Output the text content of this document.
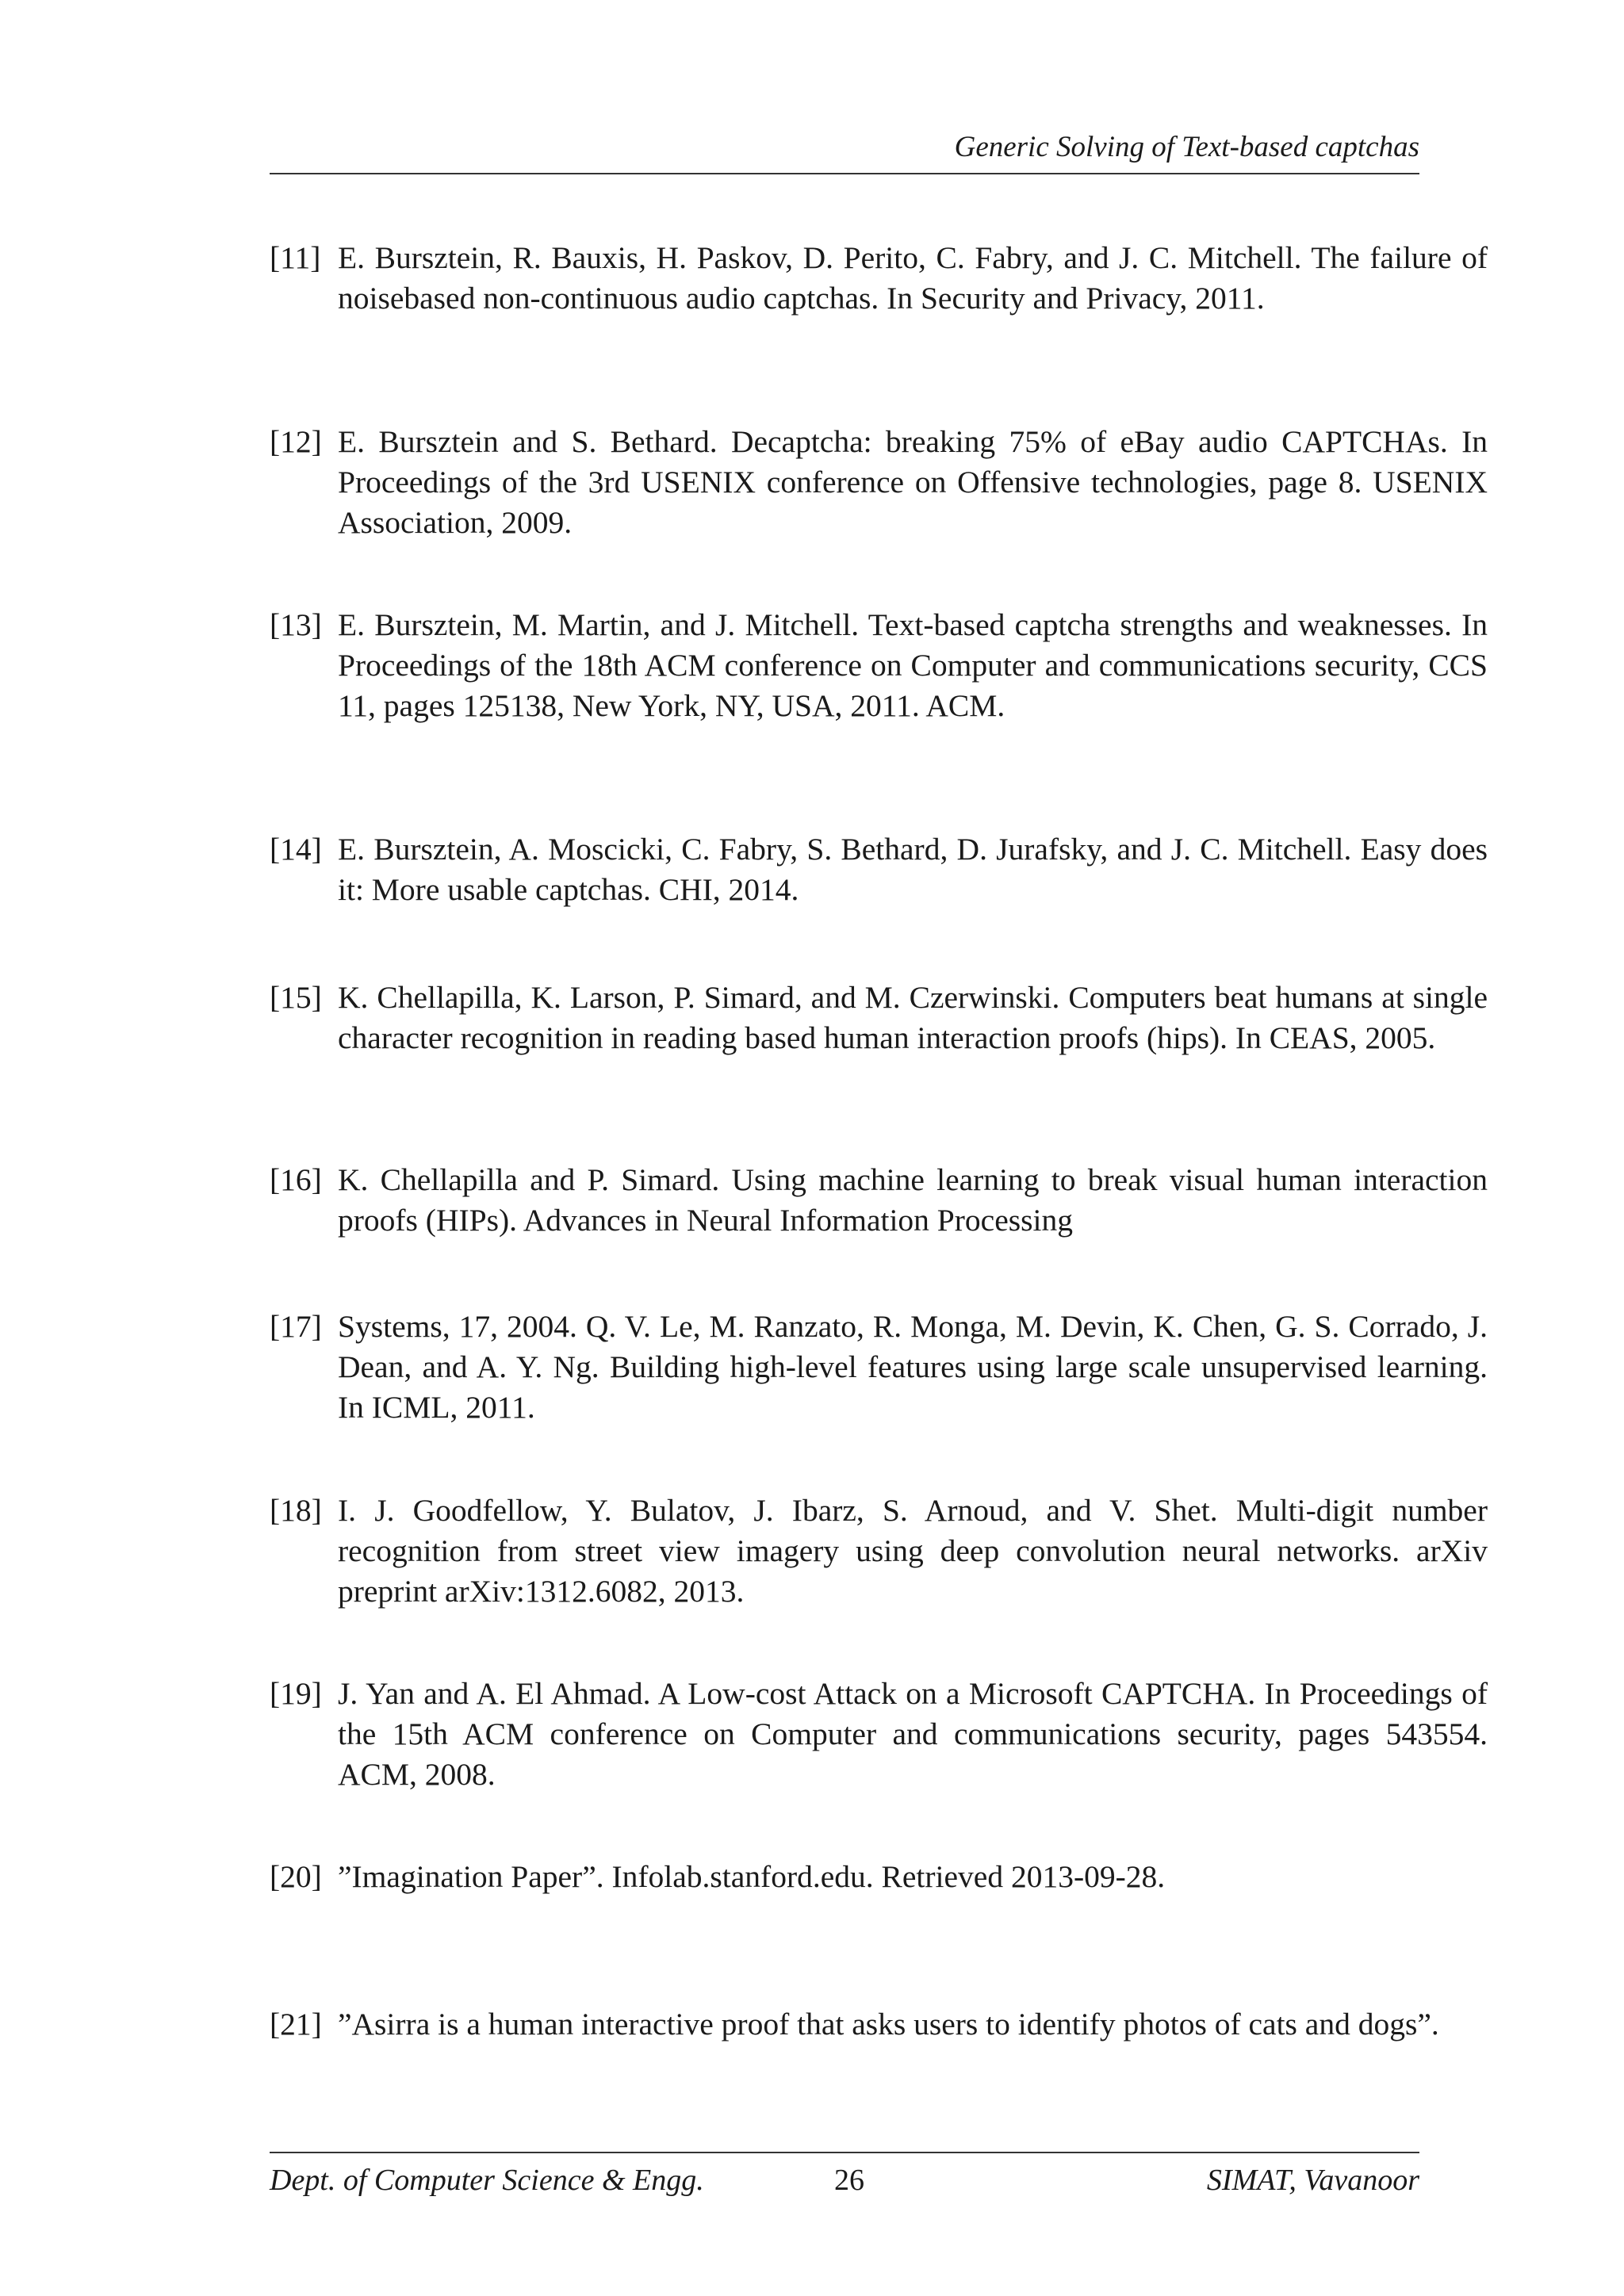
Generic Solving of Text-based captchas
[11] E. Bursztein, R. Bauxis, H. Paskov, D. Perito, C. Fabry, and J. C. Mitchell. The failure of noisebased non-continuous audio captchas. In Security and Privacy, 2011.
[12] E. Bursztein and S. Bethard. Decaptcha: breaking 75% of eBay audio CAPTCHAs. In Proceedings of the 3rd USENIX conference on Offensive technologies, page 8. USENIX Association, 2009.
[13] E. Bursztein, M. Martin, and J. Mitchell. Text-based captcha strengths and weaknesses. In Proceedings of the 18th ACM conference on Computer and communications security, CCS 11, pages 125138, New York, NY, USA, 2011. ACM.
[14] E. Bursztein, A. Moscicki, C. Fabry, S. Bethard, D. Jurafsky, and J. C. Mitchell. Easy does it: More usable captchas. CHI, 2014.
[15] K. Chellapilla, K. Larson, P. Simard, and M. Czerwinski. Computers beat humans at single character recognition in reading based human interaction proofs (hips). In CEAS, 2005.
[16] K. Chellapilla and P. Simard. Using machine learning to break visual human interaction proofs (HIPs). Advances in Neural Information Processing
[17] Systems, 17, 2004. Q. V. Le, M. Ranzato, R. Monga, M. Devin, K. Chen, G. S. Corrado, J. Dean, and A. Y. Ng. Building high-level features using large scale unsupervised learning. In ICML, 2011.
[18] I. J. Goodfellow, Y. Bulatov, J. Ibarz, S. Arnoud, and V. Shet. Multi-digit number recognition from street view imagery using deep convolution neural networks. arXiv preprint arXiv:1312.6082, 2013.
[19] J. Yan and A. El Ahmad. A Low-cost Attack on a Microsoft CAPTCHA. In Proceedings of the 15th ACM conference on Computer and communications security, pages 543554. ACM, 2008.
[20] ”Imagination Paper”. Infolab.stanford.edu. Retrieved 2013-09-28.
[21] ”Asirra is a human interactive proof that asks users to identify photos of cats and dogs”.
Dept. of Computer Science & Engg.	26	SIMAT, Vavanoor
